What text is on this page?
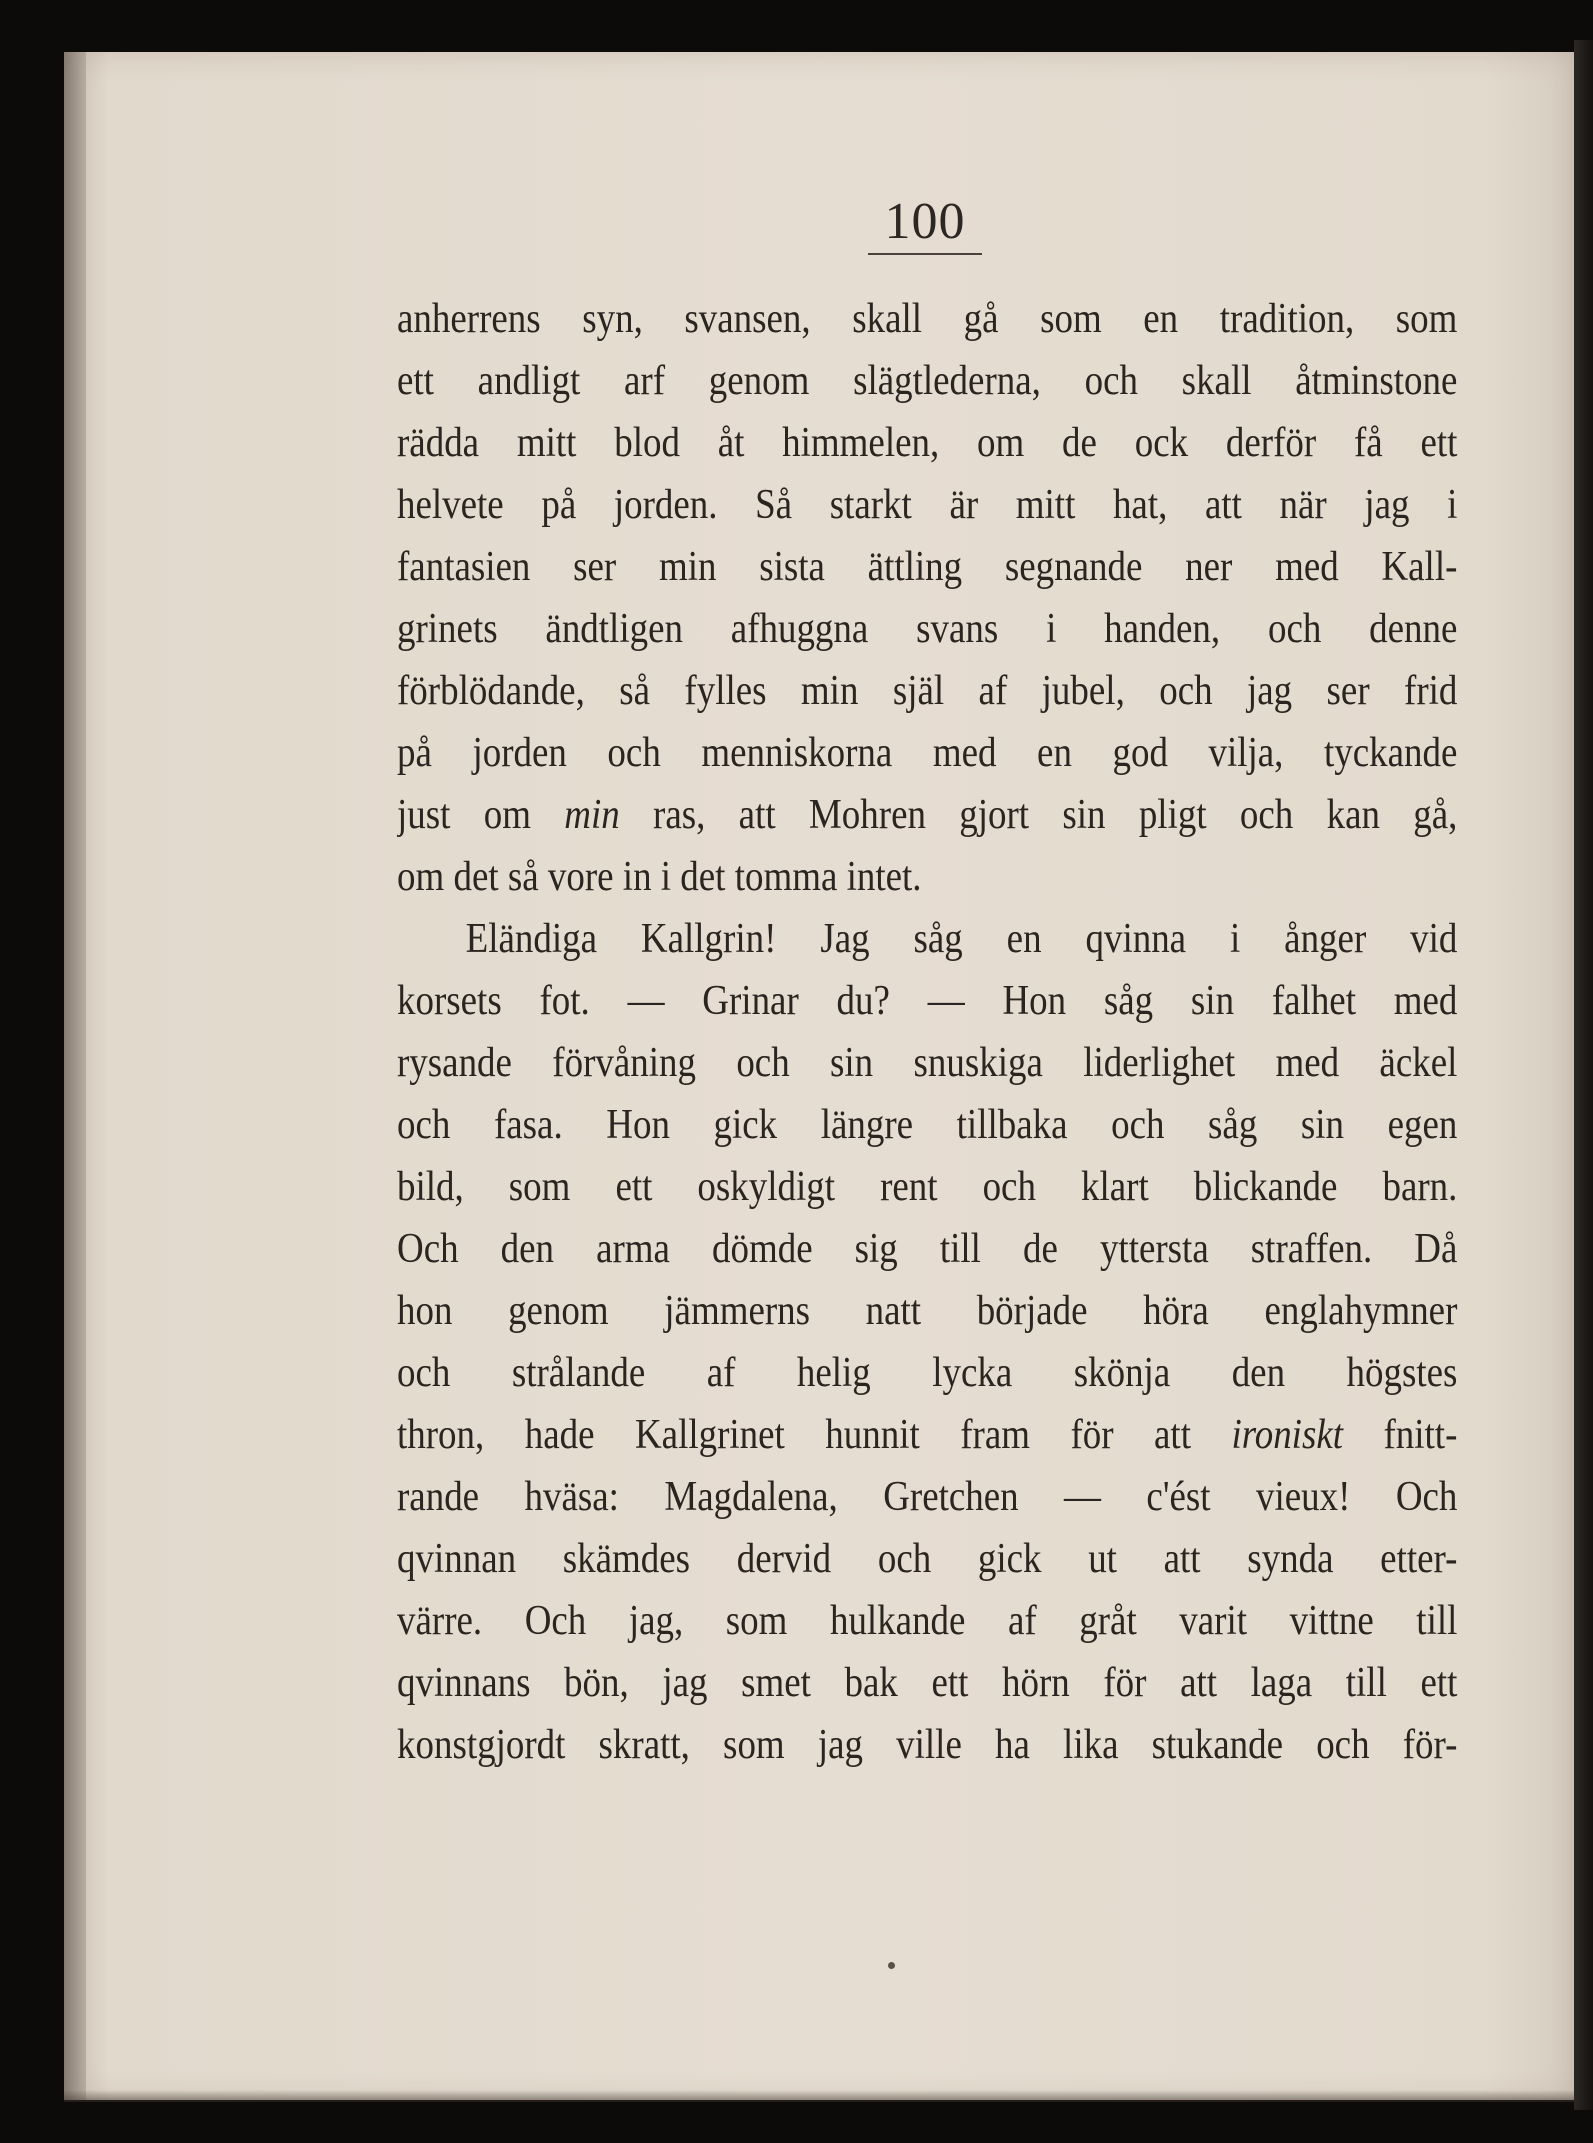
100
anherrens syn, svansen, skall gå som en tradition, som
ett andligt arf genom slägtlederna, och skall åtminstone
rädda mitt blod åt himmelen, om de ock derför få ett
helvete på jorden. Så starkt är mitt hat, att när jag i
fantasien ser min sista ättling segnande ner med Kall-
grinets ändtligen afhuggna svans i handen, och denne
förblödande, så fylles min själ af jubel, och jag ser frid
på jorden och menniskorna med en god vilja, tyckande
just om min ras, att Mohren gjort sin pligt och kan gå,
om det så vore in i det tomma intet.
Eländiga Kallgrin! Jag såg en qvinna i ånger vid
korsets fot. — Grinar du? — Hon såg sin falhet med
rysande förvåning och sin snuskiga liderlighet med äckel
och fasa. Hon gick längre tillbaka och såg sin egen
bild, som ett oskyldigt rent och klart blickande barn.
Och den arma dömde sig till de yttersta straffen. Då
hon genom jämmerns natt började höra englahymner
och strålande af helig lycka skönja den högstes
thron, hade Kallgrinet hunnit fram för att ironiskt fnitt-
rande hväsa: Magdalena, Gretchen — c'ést vieux! Och
qvinnan skämdes dervid och gick ut att synda etter-
värre. Och jag, som hulkande af gråt varit vittne till
qvinnans bön, jag smet bak ett hörn för att laga till ett
konstgjordt skratt, som jag ville ha lika stukande och för-
